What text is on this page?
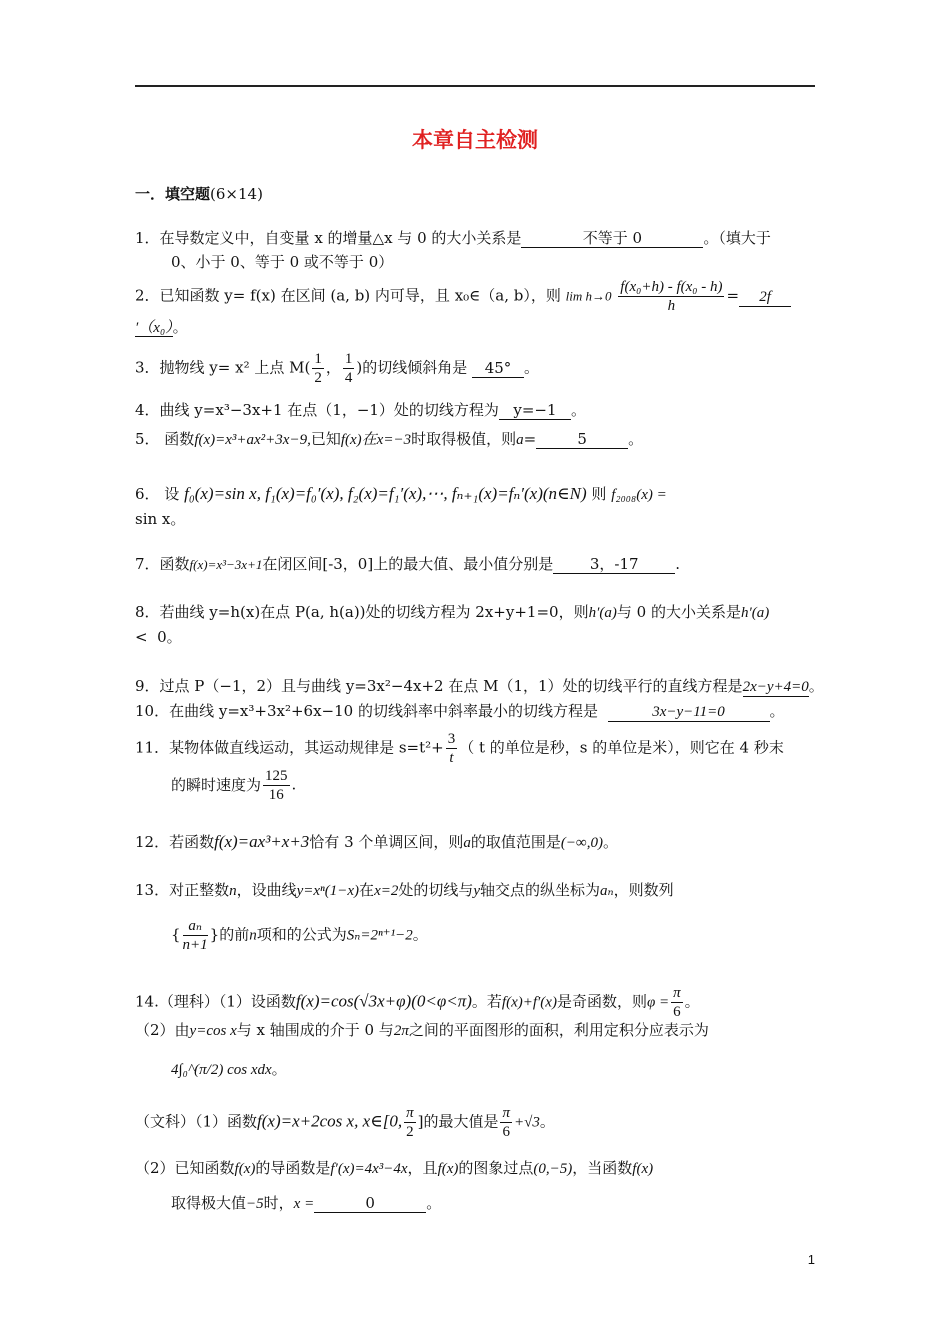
本章自主检测
一．填空题(6×14)
1．在导数定义中，自变量 x 的增量△x 与 0 的大小关系是	不等于 0	。（填大于
0、小于 0、等于 0 或不等于 0）
2．已知函数 y= f(x) 在区间 (a, b) 内可导，且 x₀∈（a, b），则 $\lim h\to 0 \frac{\text{f(x₀+h) - f(x₀ - h)}}{h} = 2f$
′（x₀）。
3．抛物线 y= x² 上点 $M( \frac{1}{2}$ ， $\frac{1}{4}$ )的切线倾斜角是 45° 。
4．曲线 y=x³−3x+1 在点（1，−1）处的切线方程为 y=−1 。
5． 函数f(x)=x³+ax²+3x−9,已知f(x)在x=−3时取得极值，则a=	5	。
6． 设 f₀(x)=sin x, f₁(x)=f₀′(x), f₂(x)=f₁′(x),⋯, fₙ₊₁(x)=fₙ′(x)(n∈N) 则 f₂₀₀₈(x) =
sin x。
7．函数f(x)=x³−3x+1在闭区间[-3，0]上的最大值、最小值分别是 3，-17 .
8．若曲线 y=h(x)在点 P(a, h(a))处的切线方程为 2x+y+1=0，则h′(a)与 0 的大小关系是h′(a)
< 0。
9．过点 P（−1，2）且与曲线 y=3x²−4x+2 在点 M（1，1）处的切线平行的直线方程是2x−y+4=0。
10．在曲线 y=x³+3x²+6x−10 的切线斜率中斜率最小的切线方程是	3x−y−11=0	。
11．某物体做直线运动，其运动规律是 $s=t^2+ \frac{3}{t}$ （ t 的单位是秒，s 的单位是米），则它在 4 秒末
的瞬时速度为 $\frac{125}{16}$ .
12．若函数f(x)=ax³+x+3恰有 3 个单调区间，则a的取值范围是(−∞,0)。
13．对正整数n，设曲线y=xⁿ(1−x)在x=2处的切线与y轴交点的纵坐标为aₙ，则数列

{ $\frac{\text{aₙ}}{n+1}$ }的前n项和的公式为Sₙ=2ⁿ⁺¹−2。
14.（理科）（1）设函数f(x)=cos(√3x+φ)(0<φ<π)。若f(x)+f′(x)是奇函数，则$\varphi = \frac{\pi}{6}$ 。
（2）由y=cos x与 x 轴围成的介于 0 与2π之间的平面图形的面积，利用定积分应表示为

4∫₀^(π/2) cos xdx。
（文科）（1）函数f(x)=x+2cos x, x∈[0, $\frac{\pi}{2}$ ]的最大值是 $\frac{\pi}{6} +√3$。
（2）已知函数f(x)的导函数是f′(x)=4x³−4x，且f(x)的图象过点(0,−5)，当函数f(x)

取得极大值−5时，x =	0	。
1
